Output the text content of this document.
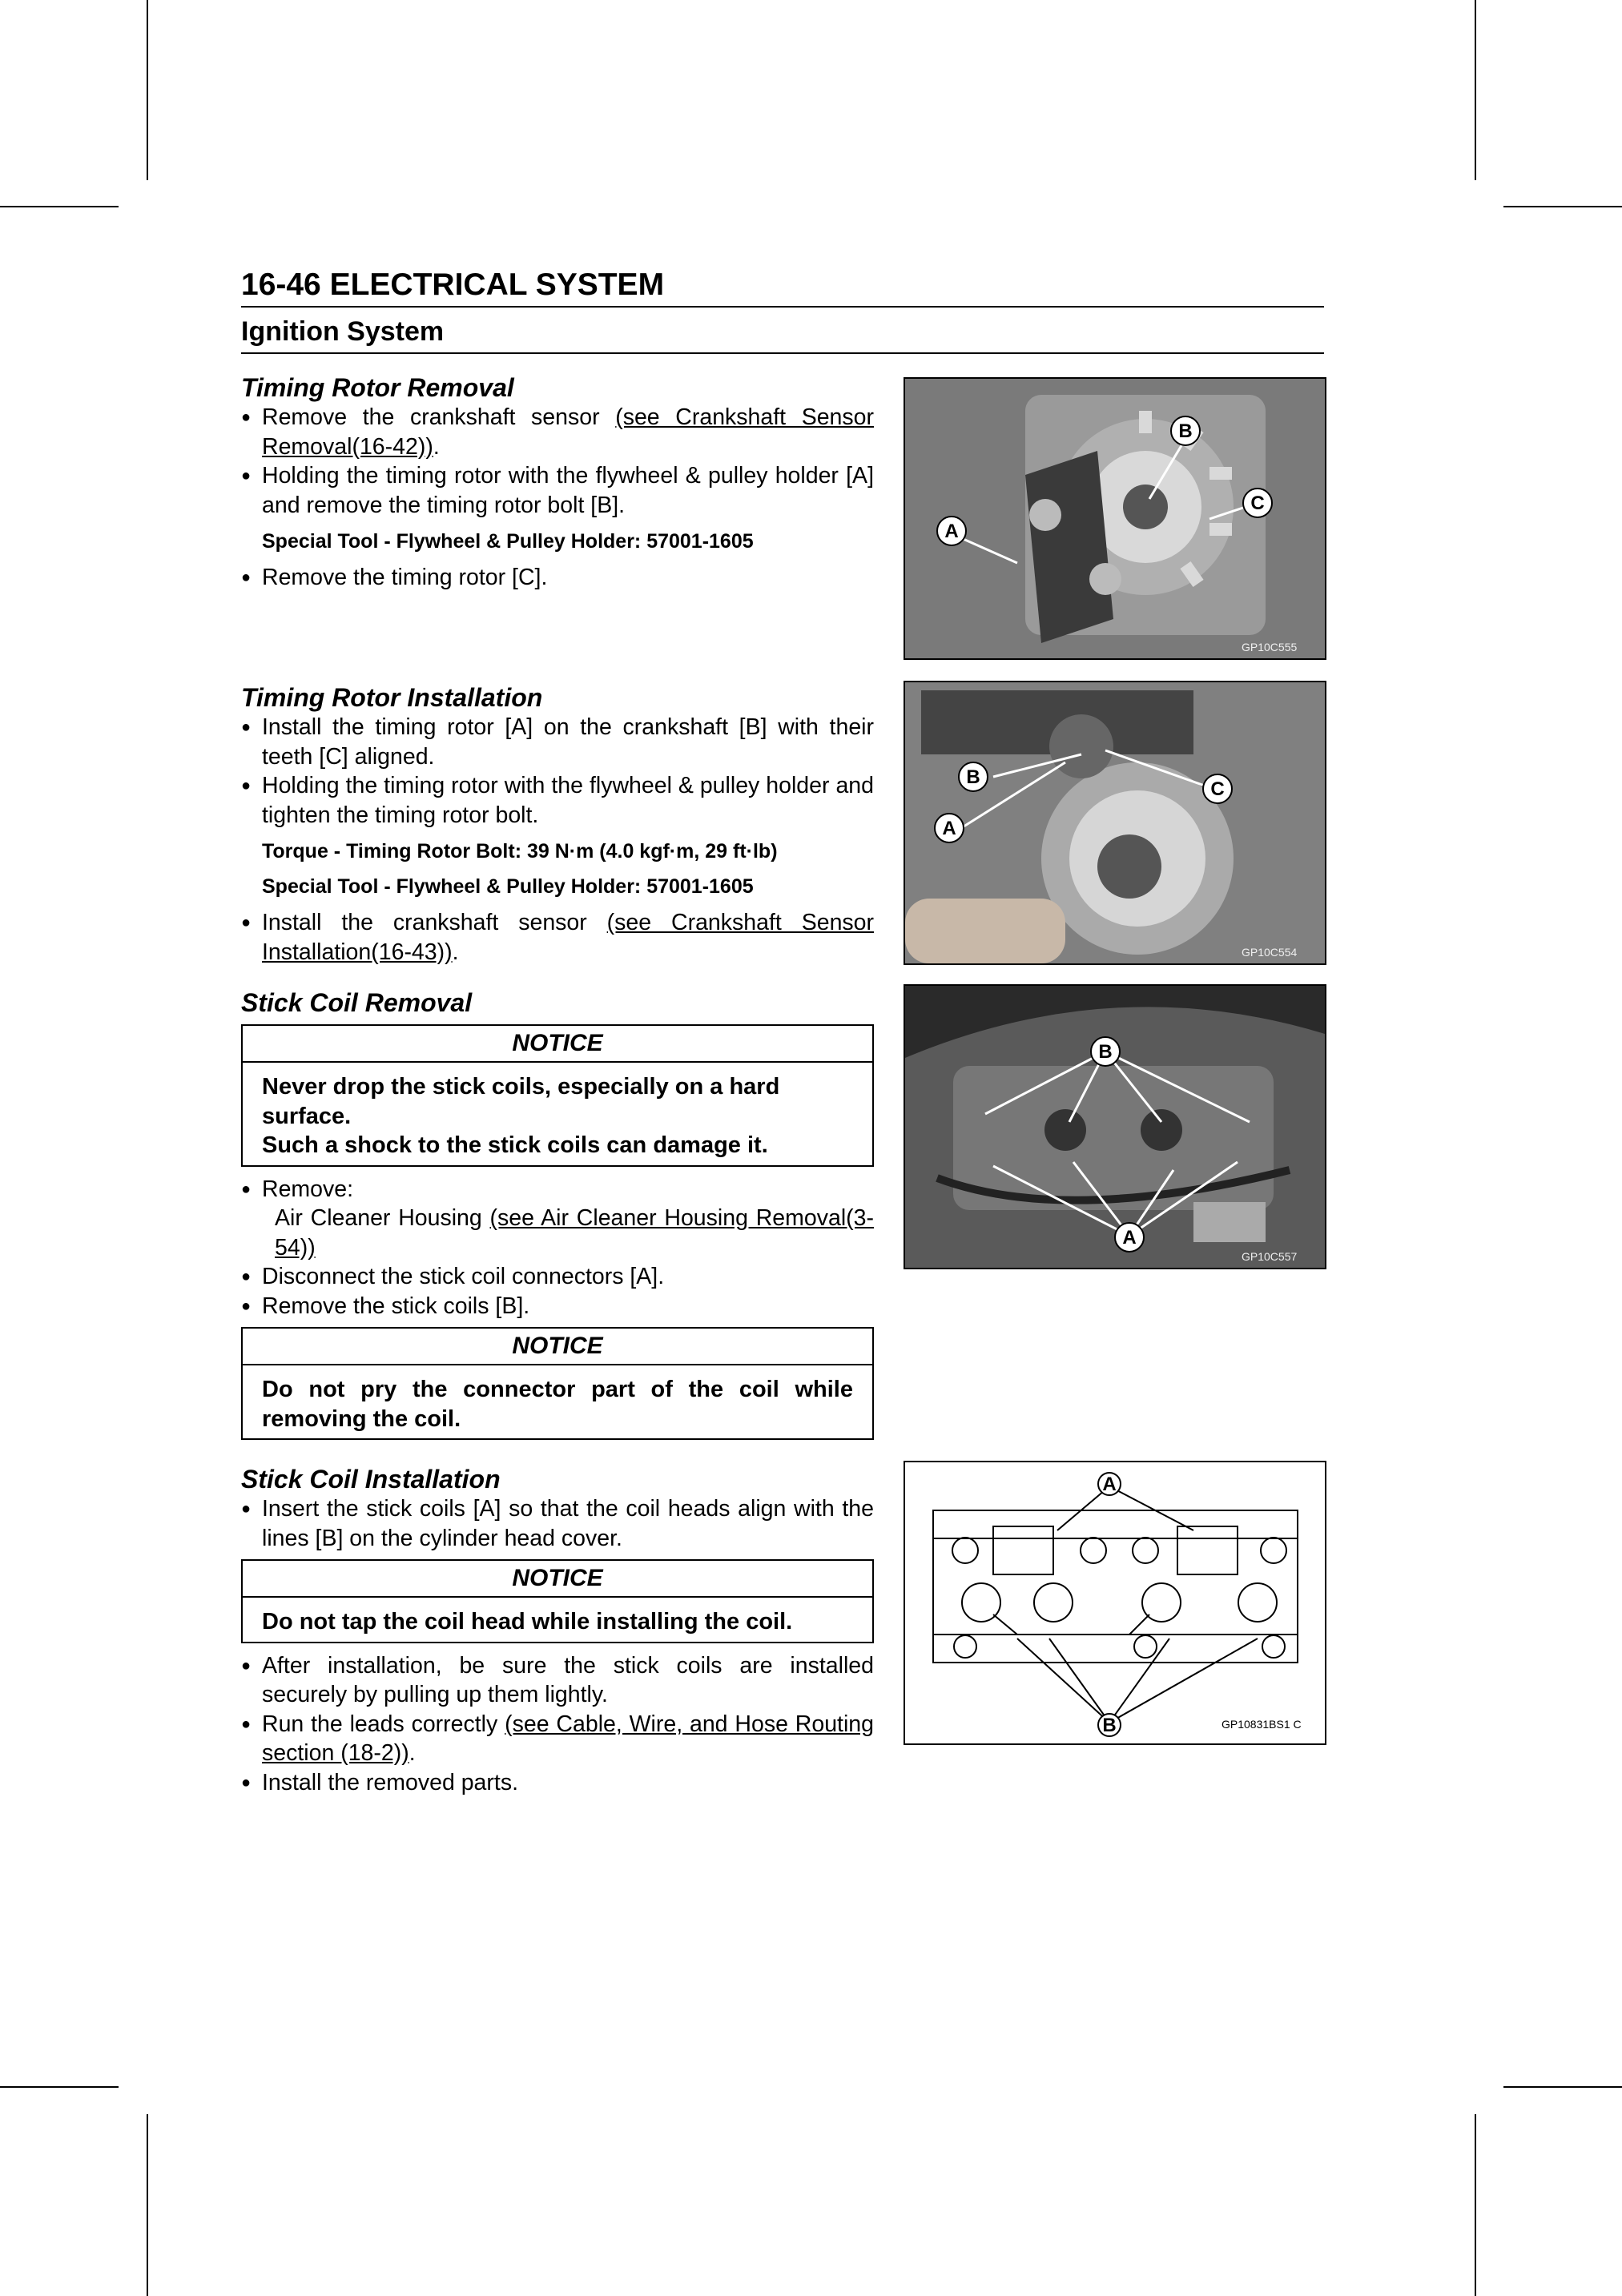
16-46 ELECTRICAL SYSTEM
Ignition System
Timing Rotor Removal
● Remove the crankshaft sensor (see Crankshaft Sensor Removal(16-42)).
● Holding the timing rotor with the flywheel & pulley holder [A] and remove the timing rotor bolt [B].
Special Tool - Flywheel & Pulley Holder: 57001-1605
● Remove the timing rotor [C].
Timing Rotor Installation
● Install the timing rotor [A] on the crankshaft [B] with their teeth [C] aligned.
● Holding the timing rotor with the flywheel & pulley holder and tighten the timing rotor bolt.
Torque - Timing Rotor Bolt: 39 N·m (4.0 kgf·m, 29 ft·lb)
Special Tool - Flywheel & Pulley Holder: 57001-1605
● Install the crankshaft sensor (see Crankshaft Sensor Installation(16-43)).
Stick Coil Removal
NOTICE

Never drop the stick coils, especially on a hard surface.

Such a shock to the stick coils can damage it.

● Remove:
Air Cleaner Housing (see Air Cleaner Housing Removal(3-54))
● Disconnect the stick coil connectors [A].
● Remove the stick coils [B].
NOTICE
Do not pry the connector part of the coil while removing the coil.
Stick Coil Installation
● Insert the stick coils [A] so that the coil heads align with the lines [B] on the cylinder head cover.
NOTICE
Do not tap the coil head while installing the coil.
● After installation, be sure the stick coils are installed securely by pulling up them lightly.
● Run the leads correctly (see Cable, Wire, and Hose Routing section (18-2)).
● Install the removed parts.
A
B
C
GP10C555
A
B
C
GP10C554
A
B
GP10C557
A
B	GP10831BS1 C
